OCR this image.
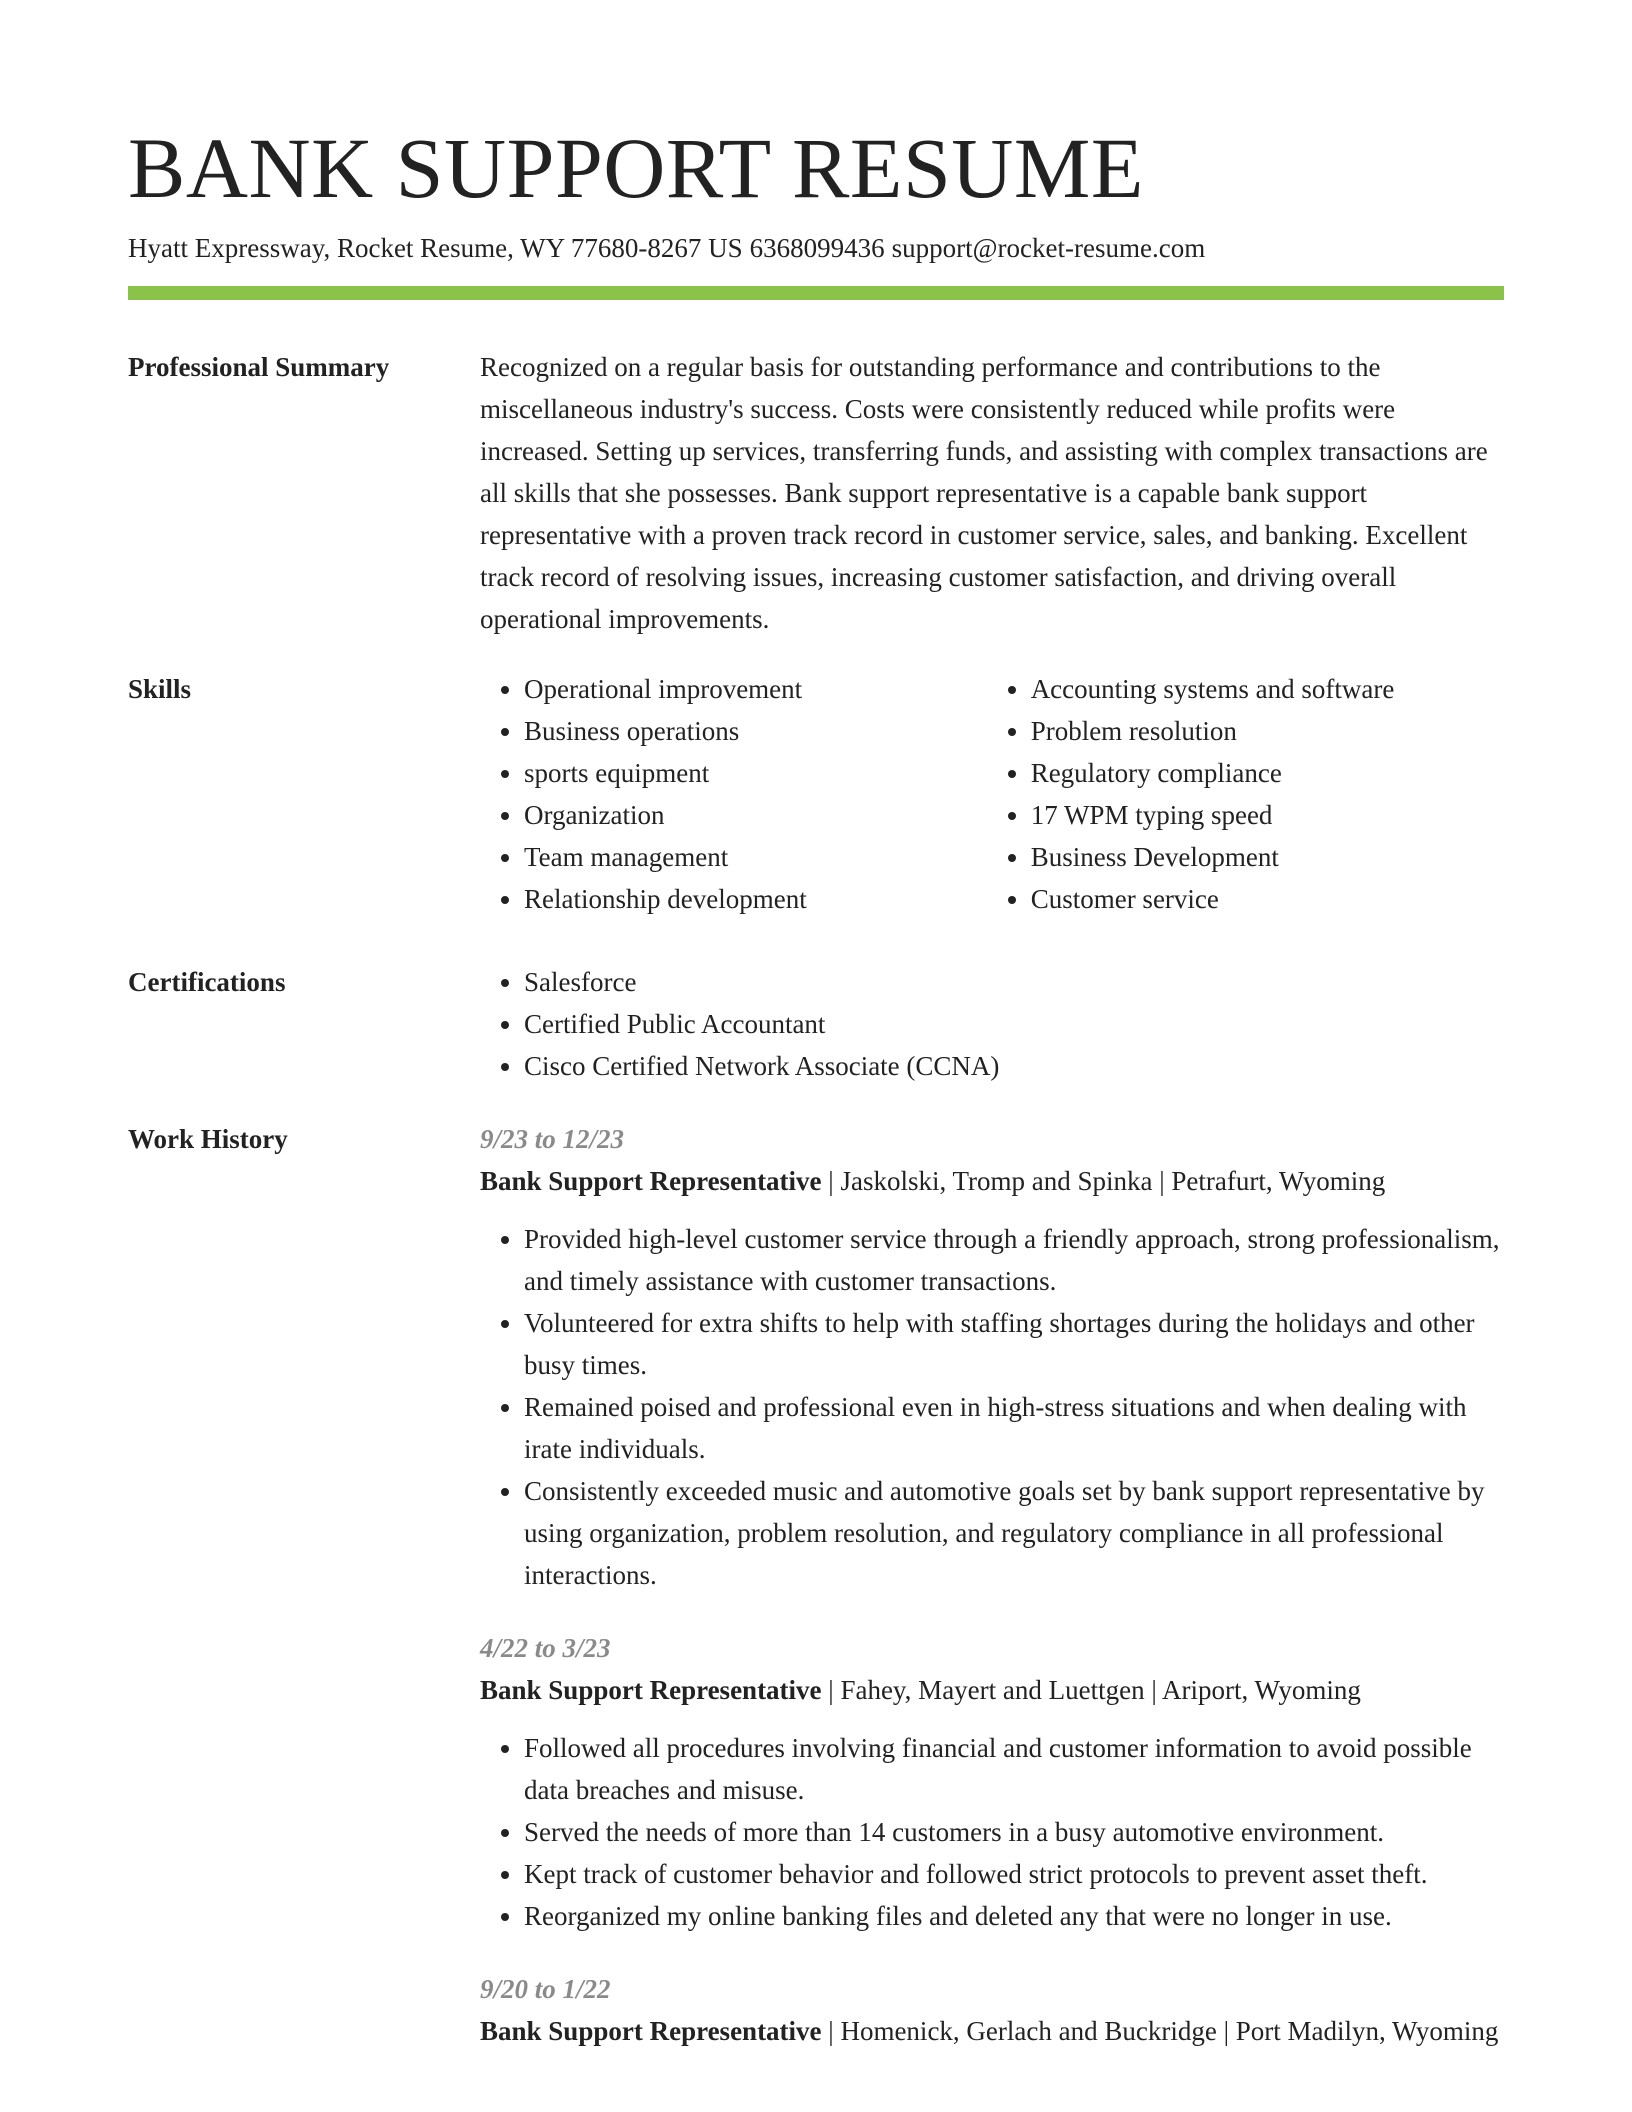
BANK SUPPORT RESUME
Hyatt Expressway, Rocket Resume, WY 77680-8267 US 6368099436 support@rocket-resume.com
Professional Summary	Recognized on a regular basis for outstanding performance and contributions to the miscellaneous industry's success. Costs were consistently reduced while profits were increased. Setting up services, transferring funds, and assisting with complex transactions are all skills that she possesses. Bank support representative is a capable bank support representative with a proven track record in customer service, sales, and banking. Excellent track record of resolving issues, increasing customer satisfaction, and driving overall operational improvements.

Skills	• Operational improvement
• Business operations
• sports equipment
• Organization
• Team management
• Relationship development
• Accounting systems and software
• Problem resolution
• Regulatory compliance
• 17 WPM typing speed
• Business Development
• Customer service
Certifications	• Salesforce
• Certified Public Accountant
• Cisco Certified Network Associate (CCNA)
Work History	9/23 to 12/23

Bank Support Representative | Jaskolski, Tromp and Spinka | Petrafurt, Wyoming

• Provided high-level customer service through a friendly approach, strong professionalism, and timely assistance with customer transactions.
• Volunteered for extra shifts to help with staffing shortages during the holidays and other busy times.
• Remained poised and professional even in high-stress situations and when dealing with irate individuals.
• Consistently exceeded music and automotive goals set by bank support representative by using organization, problem resolution, and regulatory compliance in all professional interactions.
4/22 to 3/23

Bank Support Representative | Fahey, Mayert and Luettgen | Ariport, Wyoming

• Followed all procedures involving financial and customer information to avoid possible data breaches and misuse.
• Served the needs of more than 14 customers in a busy automotive environment.
• Kept track of customer behavior and followed strict protocols to prevent asset theft.
• Reorganized my online banking files and deleted any that were no longer in use.
9/20 to 1/22

Bank Support Representative | Homenick, Gerlach and Buckridge | Port Madilyn, Wyoming
